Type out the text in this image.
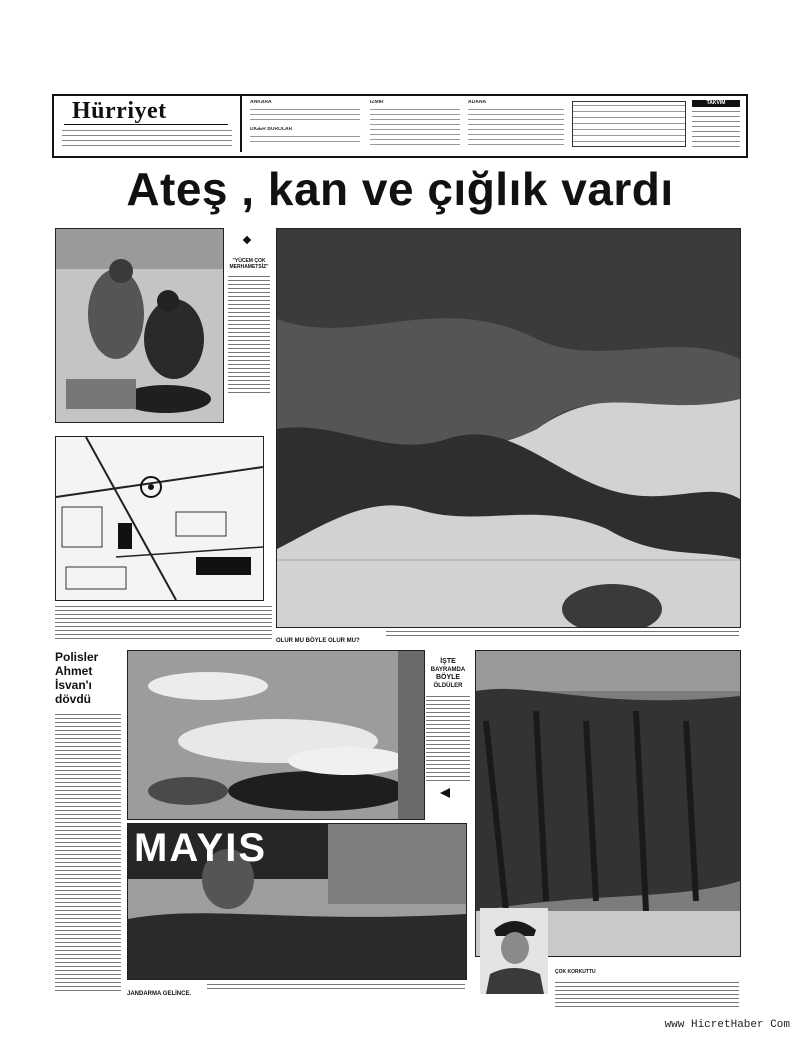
Hürriyet	ANKARA
DİĞER BÜROLAR
İZMİR	ADANA	TAKVİM
Ateş , kan ve çığlık vardı
"YÜCEM ÇOK MERHAMETSİZ"
OLUR MU BÖYLE OLUR MU?
Polisler
Ahmet
İsvan'ı
dövdü
İŞTE
BAYRAMDA
BÖYLE
ÖLDÜLER
MAYIS
JANDARMA GELİNCE.
ÇOK KORKUTTU
www HicretHaber Com
